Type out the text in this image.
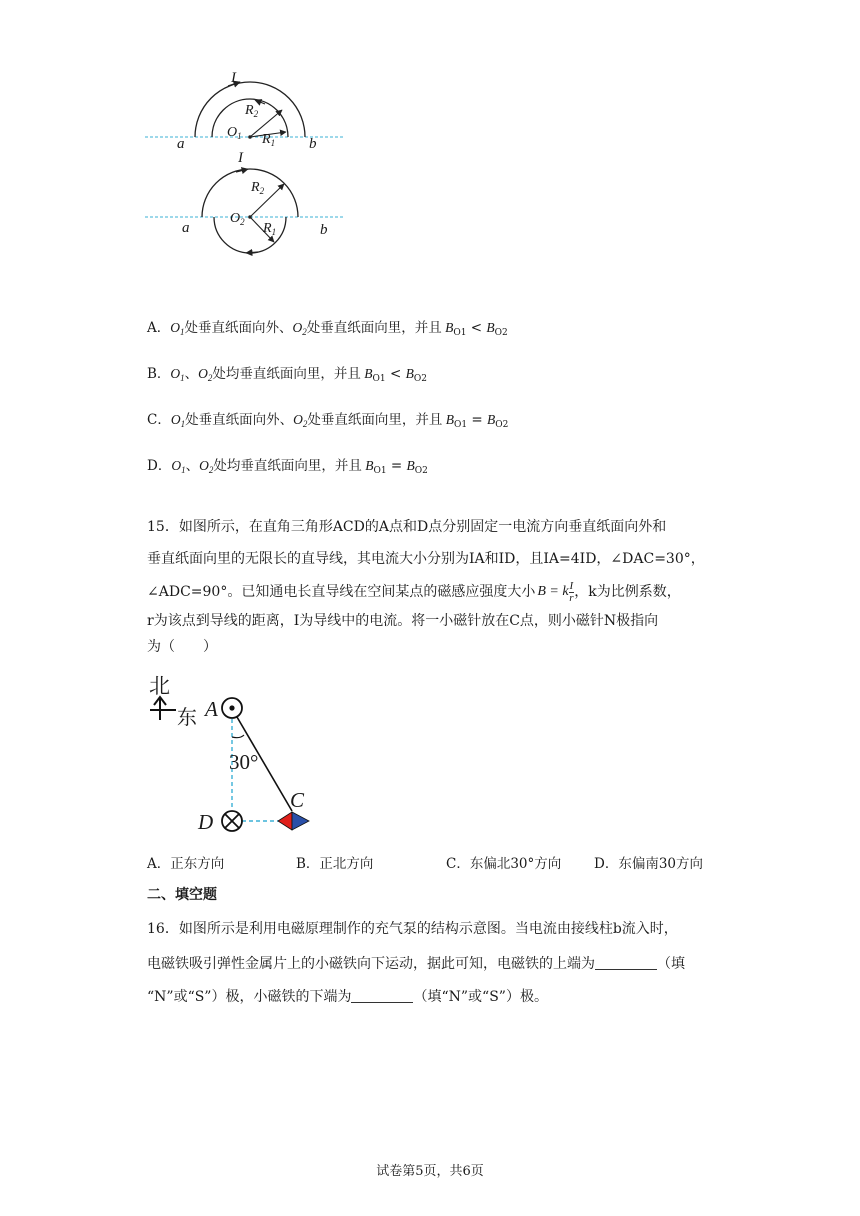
I
$R_2$
$O_1$ $R_1$
a	b
I
$R_2$
$O_2$ $R_1$
a	b
A．$O_1$处垂直纸面向外、$O_2$处垂直纸面向里，并且 $B_{O1} < B_{O2}$
B．$O_1$、$O_2$处均垂直纸面向里，并且 $B_{O1} < B_{O2}$
C．$O_1$处垂直纸面向外、$O_2$处垂直纸面向里，并且 $B_{O1} = B_{O2}$
D．$O_1$、$O_2$处均垂直纸面向里，并且 $B_{O1} = B_{O2}$
15．如图所示，在直角三角形ACD的A点和D点分别固定一电流方向垂直纸面向外和
垂直纸面向里的无限长的直导线，其电流大小分别为IA和ID，且IA=4ID，∠DAC=30°，
∠ADC=90°。已知通电长直导线在空间某点的磁感应强度大小 B = k $\frac{I}{r}$ ，k为比例系数，
r为该点到导线的距离，I为导线中的电流。将一小磁针放在C点，则小磁针N极指向
为（　　）
北
东 A
30°
C
D
A．正东方向	B．正北方向	C．东偏北30°方向 D．东偏南30方向
二、填空题
16．如图所示是利用电磁原理制作的充气泵的结构示意图。当电流由接线柱b流入时，
电磁铁吸引弹性金属片上的小磁铁向下运动，据此可知，电磁铁的上端为	（填
“N”或“S”）极，小磁铁的下端为	（填“N”或“S”）极。
试卷第5页，共6页
